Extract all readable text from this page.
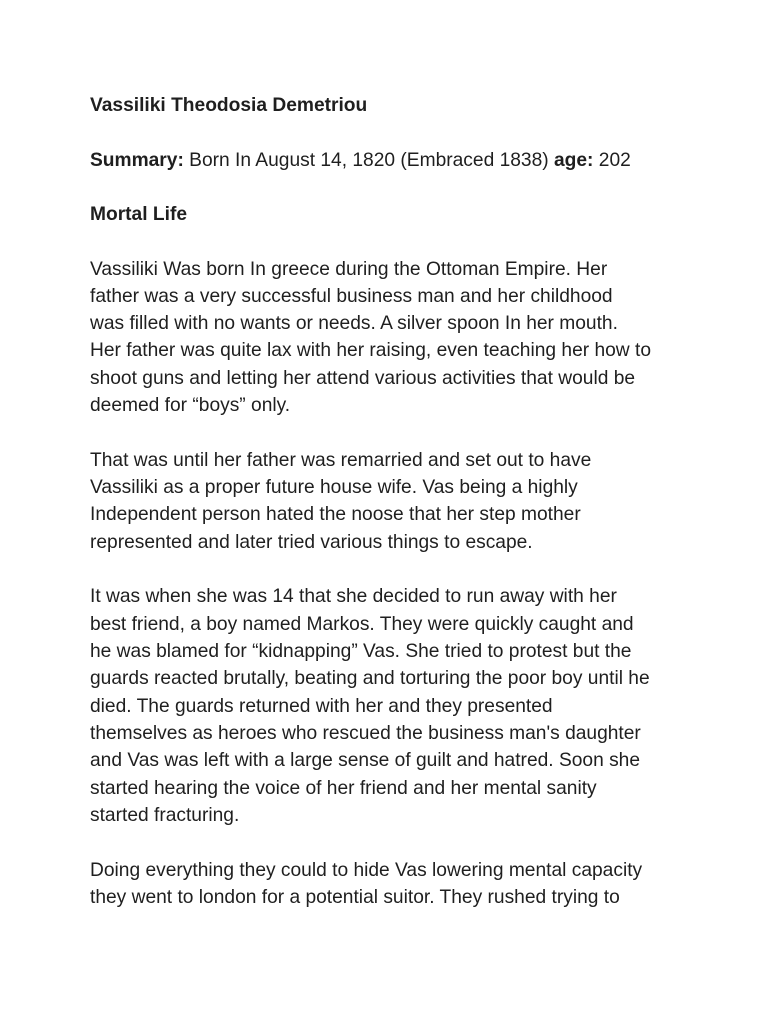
Vassiliki Theodosia Demetriou
Summary: Born In August 14, 1820 (Embraced 1838) age: 202
Mortal Life
Vassiliki Was born In greece during the Ottoman Empire. Her
father was a very successful business man and her childhood
was filled with no wants or needs. A silver spoon In her mouth.
Her father was quite lax with her raising, even teaching her how to
shoot guns and letting her attend various activities that would be
deemed for “boys” only.
That was until her father was remarried and set out to have
Vassiliki as a proper future house wife. Vas being a highly
Independent person hated the noose that her step mother
represented and later tried various things to escape.
It was when she was 14 that she decided to run away with her
best friend, a boy named Markos. They were quickly caught and
he was blamed for “kidnapping” Vas. She tried to protest but the
guards reacted brutally, beating and torturing the poor boy until he
died. The guards returned with her and they presented
themselves as heroes who rescued the business man's daughter
and Vas was left with a large sense of guilt and hatred. Soon she
started hearing the voice of her friend and her mental sanity
started fracturing.
Doing everything they could to hide Vas lowering mental capacity
they went to london for a potential suitor. They rushed trying to
